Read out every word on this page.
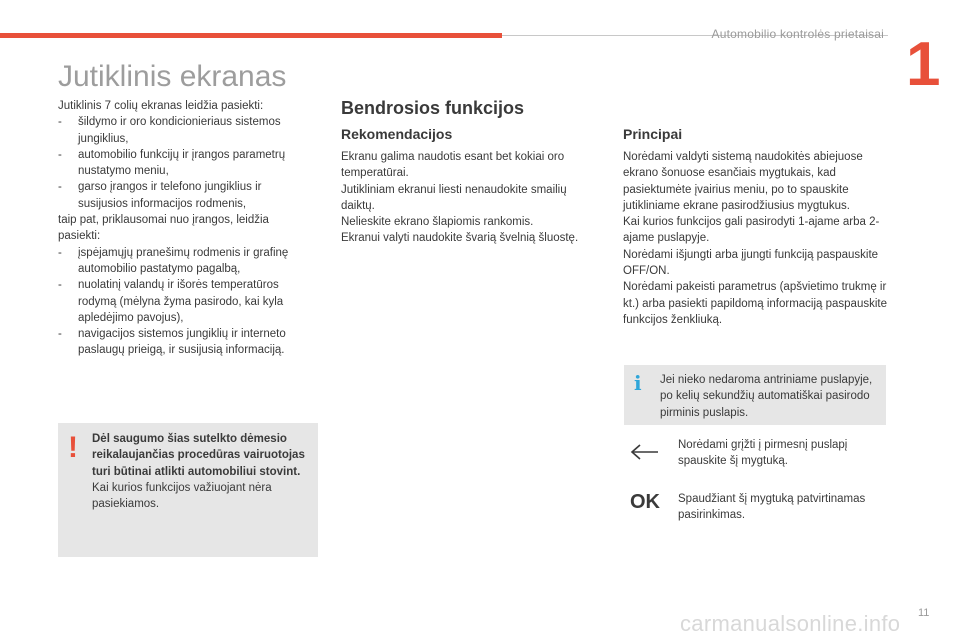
Automobilio kontrolės prietaisai 1
Jutiklinis ekranas

Jutiklinis 7 colių ekranas leidžia pasiekti:

- šildymo ir oro kondicionieriaus sistemos jungiklius,
- automobilio funkcijų ir įrangos parametrų nustatymo meniu,
- garso įrangos ir telefono jungiklius ir susijusios informacijos rodmenis,

taip pat, priklausomai nuo įrangos, leidžia pasiekti:

- įspėjamųjų pranešimų rodmenis ir grafinę automobilio pastatymo pagalbą,
- nuolatinį valandų ir išorės temperatūros rodymą (mėlyna žyma pasirodo, kai kyla apledėjimo pavojus),
- navigacijos sistemos jungiklių ir interneto paslaugų prieigą, ir susijusią informaciją.
! Dėl saugumo šias sutelkto dėmesio reikalaujančias procedūras vairuotojas turi būtinai atlikti automobiliui stovint.
Kai kurios funkcijos važiuojant nėra pasiekiamos.
Bendrosios funkcijos
Rekomendacijos

Ekranu galima naudotis esant bet kokiai oro temperatūrai.

Jutikliniam ekranui liesti nenaudokite smailių daiktų.

Nelieskite ekrano šlapiomis rankomis.

Ekranui valyti naudokite švarią švelnią šluostę.

Principai

Norėdami valdyti sistemą naudokitės abiejuose ekrano šonuose esančiais mygtukais, kad pasiektumėte įvairius meniu, po to spauskite jutikliniame ekrane pasirodžiusius mygtukus.

Kai kurios funkcijos gali pasirodyti 1-ajame arba 2-ajame puslapyje.

Norėdami išjungti arba įjungti funkciją paspauskite OFF/ON.

Norėdami pakeisti parametrus (apšvietimo trukmę ir kt.) arba pasiekti papildomą informaciją paspauskite funkcijos ženkliuką.

i Jei nieko nedaroma antriniame puslapyje, po kelių sekundžių automatiškai pasirodo pirminis puslapis.
Norėdami grįžti į pirmesnį puslapį spauskite šį mygtuką.
OK Spaudžiant šį mygtuką patvirtinamas pasirinkimas.
carmanualsonline.info 11
